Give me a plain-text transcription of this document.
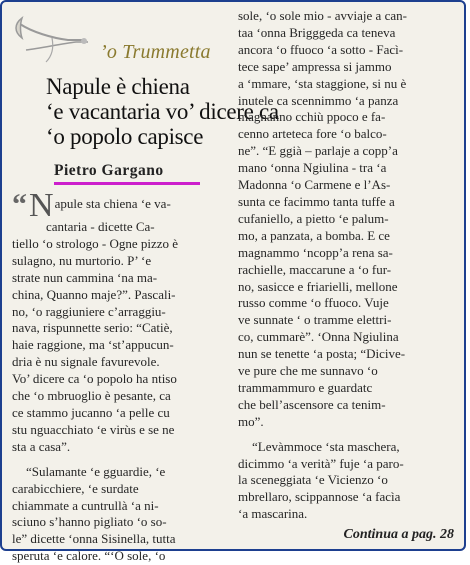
’o Trummetta
Napule è chiena
‘e vacantaria vo’ dicere ca
‘o popolo capisce
Pietro Gargano
“Napule sta chiena ‘e va-
cantaria - dicette Ca-
tiello ‘o strologo - Ogne pizzo è
sulagno, nu murtorio. P’ ‘e
strate nun cammina ‘na ma-
china, Quanno maje?”. Pascali-
no, ‘o raggiuniere c’arraggiu-
nava, rispunnette serio: “Catiè,
haie raggione, ma ‘st’appucun-
dria è nu signale favurevole.
Vo’ dicere ca ‘o popolo ha ntiso
che ‘o mbruoglio è pesante, ca
ce stammo jucanno ‘a pelle cu
stu nguacchiato ‘e virùs e se ne
sta a casa”.
“Sulamante ‘e gguardie, ‘e
carabicchiere, ‘e surdate
chiammate a cuntrullà ‘a ni-
sciuno s’hanno pigliato ‘o so-
le” dicette ‘onna Sisinella, tutta
speruta ‘e calore. “‘O sole, ‘o
sole, ‘o sole mio - avviaje a can-
taa ‘onna Brigggeda ca teneva
ancora ‘o ffuoco ‘a sotto - Facì-
tece sape’ ampressa si jammo
a ‘mmare, ‘sta staggione, si nu è
inutele ca scennimmo ‘a panza
magnanno cchiù ppoco e fa-
cenno arteteca fore ‘o balco-
ne”. “E ggià – parlaje a copp’a
mano ‘onna Ngiulina - tra ‘a
Madonna ‘o Carmene e l’As-
sunta ce facimmo tanta tuffe a
cufaniello, a pietto ‘e palum-
mo, a panzata, a bomba. E ce
magnammo ‘ncopp’a rena sa-
rachielle, maccarune a ‘o fur-
no, sasicce e friarielli, mellone
russo comme ‘o ffuoco. Vuje
ve sunnate ‘ o tramme elettri-
co, cummarè”. ‘Onna Ngiulina
nun se tenette ‘a posta; “Dicive-
ve pure che me sunnavo ‘o
trammammuro e guardatc
che bell’ascensore ca tenim-
mo”.
“Levàmmoce ‘sta maschera,
dicimmo ‘a verità” fuje ‘a paro-
la sceneggiata ‘e Vicienzo ‘o
mbrellaro, scippannose ‘a facìa
‘a mascarina.
Continua a pag. 28
